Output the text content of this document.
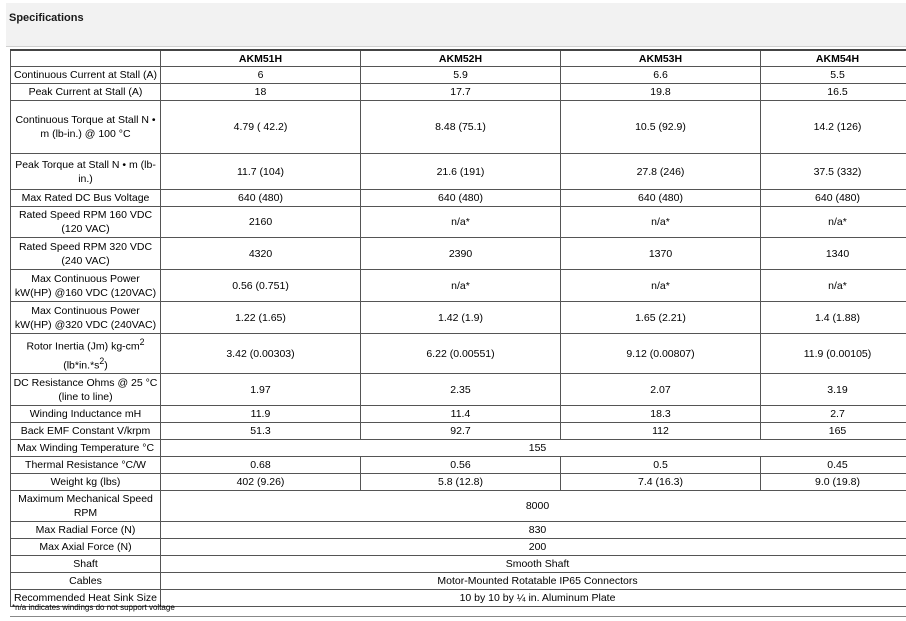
Specifications
	AKM51H	AKM52H	AKM53H	AKM54H
Continuous Current at Stall (A)	6	5.9	6.6	5.5
Peak Current at Stall (A)	18	17.7	19.8	16.5
Continuous Torque at Stall N • m (lb-in.) @ 100 °C	4.79 ( 42.2)	8.48 (75.1)	10.5 (92.9)	14.2 (126)
Peak Torque at Stall N • m (lb-in.)	11.7 (104)	21.6 (191)	27.8 (246)	37.5 (332)
Max Rated DC Bus Voltage	640 (480)	640 (480)	640 (480)	640 (480)
Rated Speed RPM 160 VDC (120 VAC)	2160	n/a*	n/a*	n/a*
Rated Speed RPM 320 VDC (240 VAC)	4320	2390	1370	1340
Max Continuous Power kW(HP) @160 VDC (120VAC)	0.56 (0.751)	n/a*	n/a*	n/a*
Max Continuous Power kW(HP) @320 VDC (240VAC)	1.22 (1.65)	1.42 (1.9)	1.65 (2.21)	1.4 (1.88)
Rotor Inertia (Jm) $kg-cm^2$
$(lb*in.*s^2)$	3.42 (0.00303)	6.22 (0.00551)	9.12 (0.00807)	11.9 (0.00105)
DC Resistance Ohms @ 25 °C (line to line)	1.97	2.35	2.07	3.19
Winding Inductance mH	11.9	11.4	18.3	2.7
Back EMF Constant V/krpm	51.3	92.7	112	165
Max Winding Temperature °C	155			
Thermal Resistance °C/W	0.68	0.56	0.5	0.45
Weight kg (lbs)	402 (9.26)	5.8 (12.8)	7.4 (16.3)	9.0 (19.8)
Maximum Mechanical Speed RPM	8000			
Max Radial Force (N)	830			
Max Axial Force (N)	200			
Shaft	Smooth Shaft			
Cables	Motor-Mounted Rotatable IP65 Connectors			
Recommended Heat Sink Size	10 by 10 by ¼ in. Aluminum Plate			
*n/a indicates windings do not support voltage
